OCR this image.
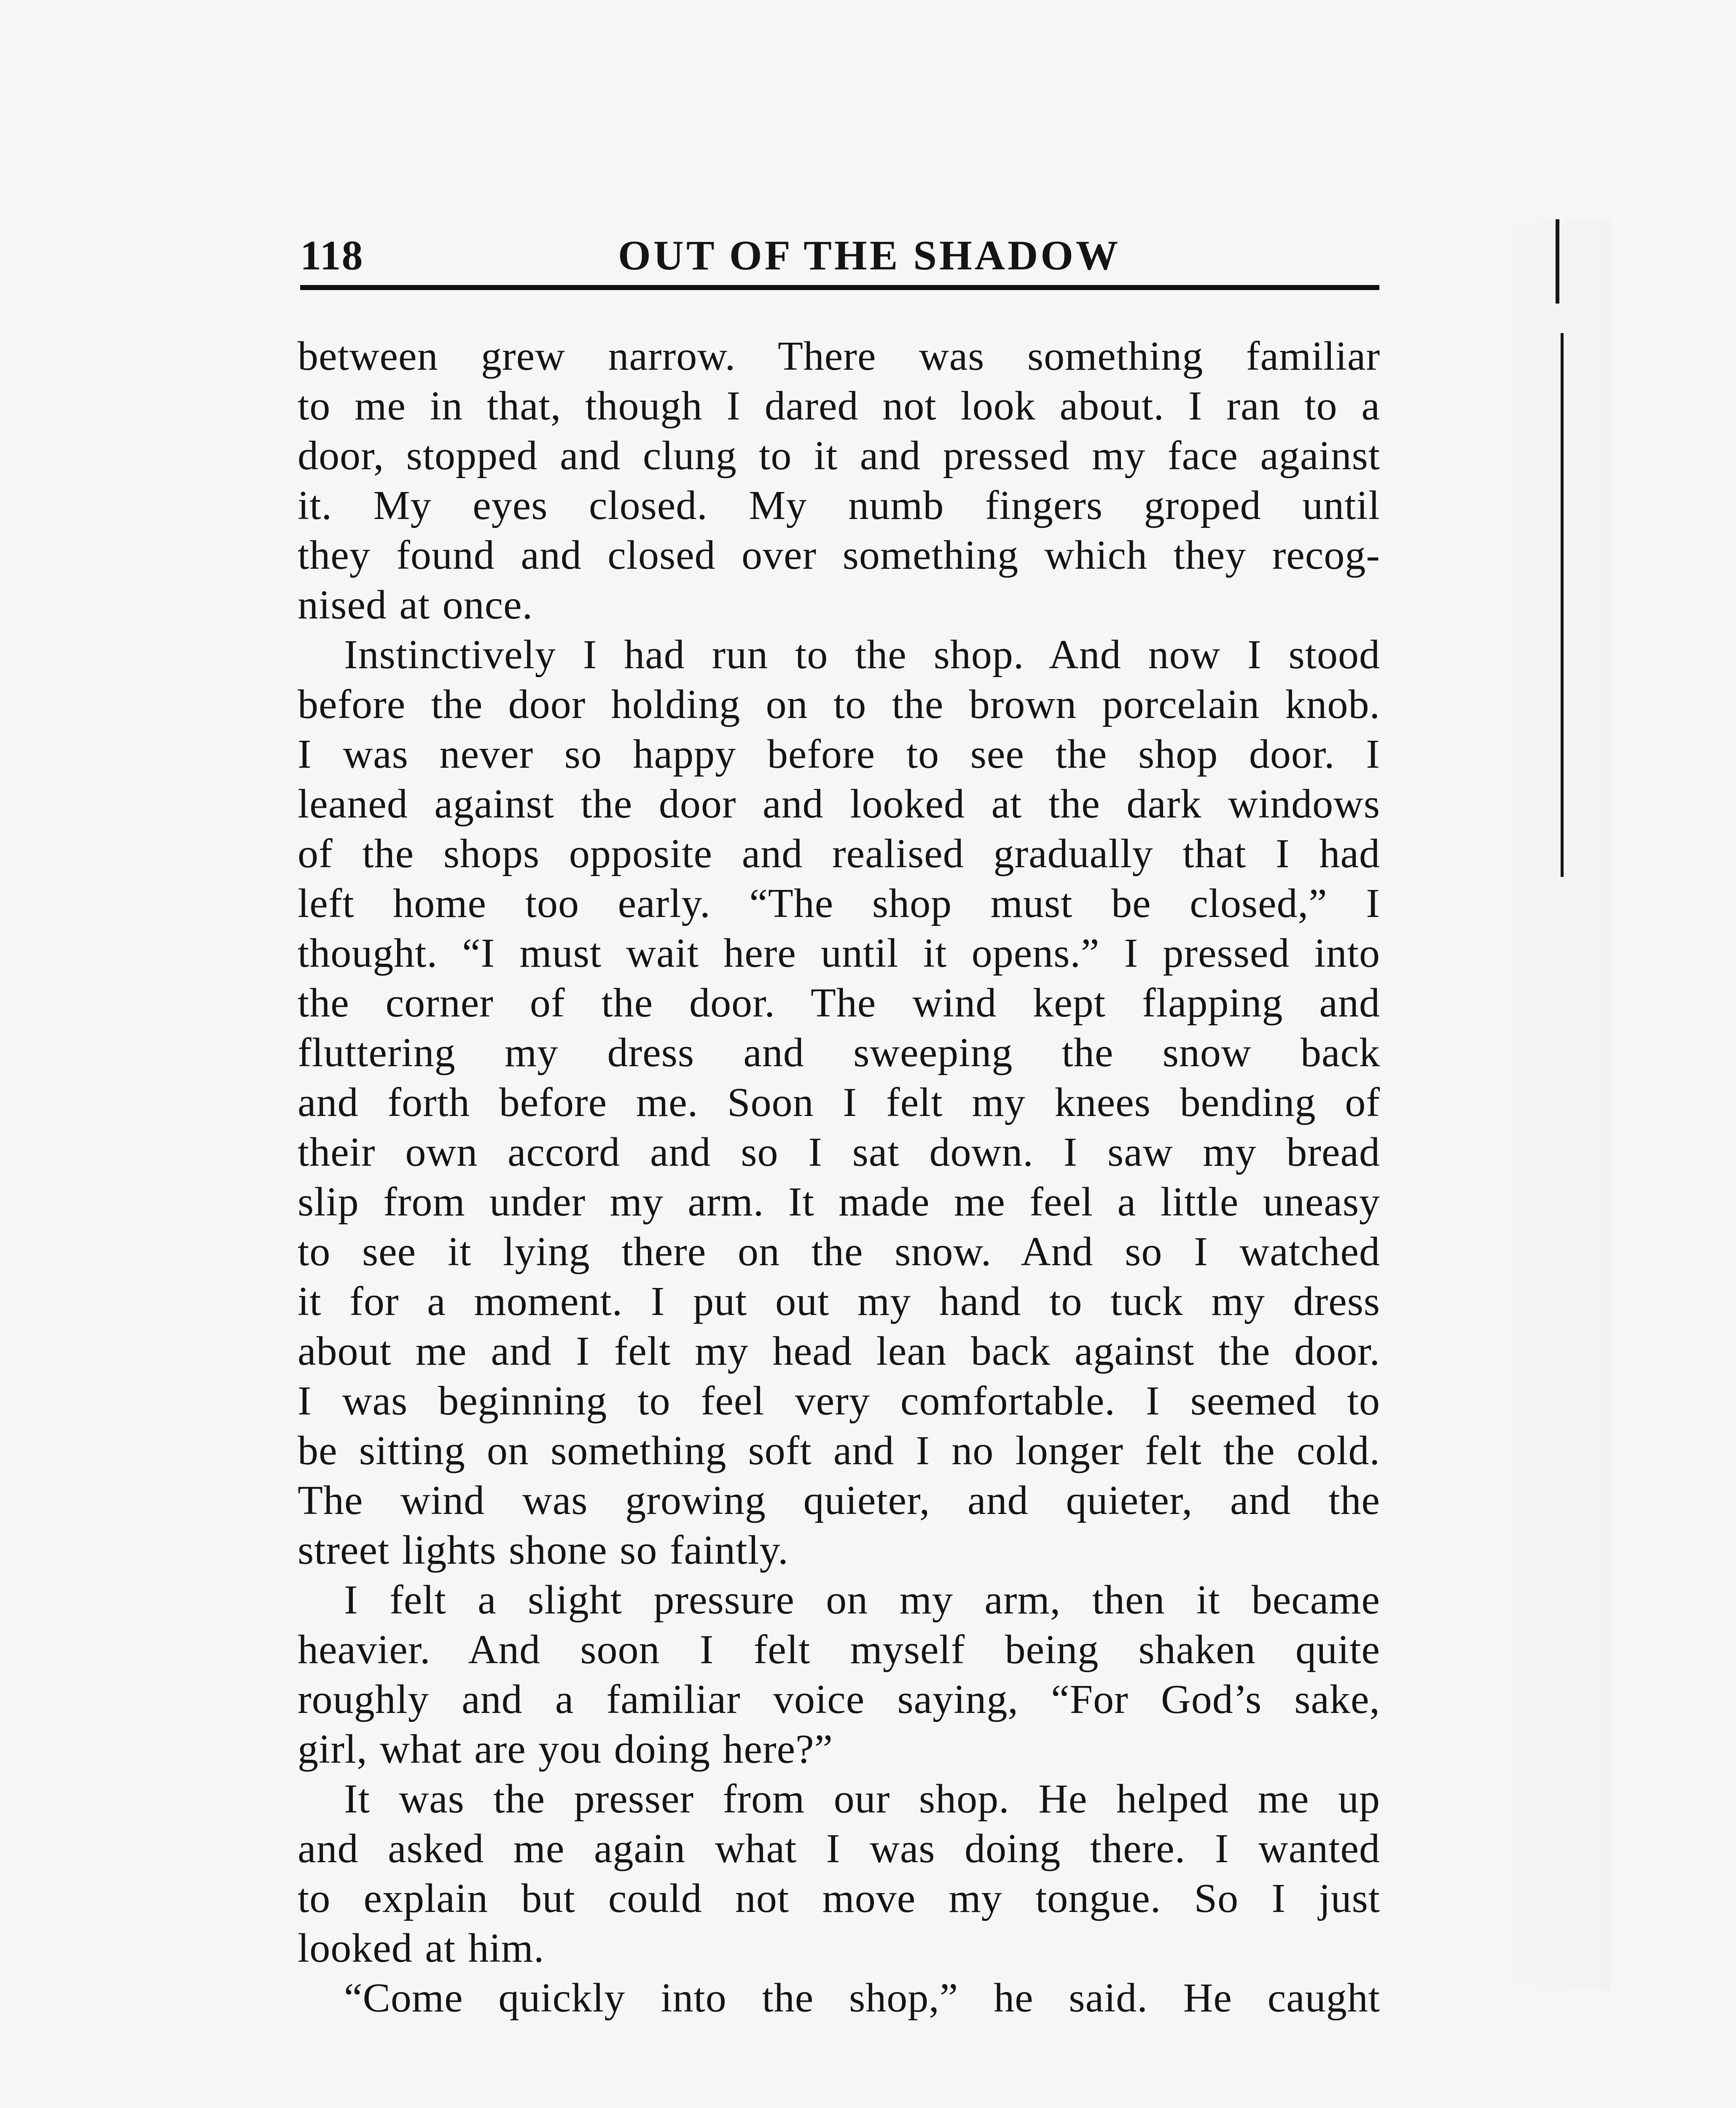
118	OUT OF THE SHADOW
between grew narrow. There was something familiar
to me in that, though I dared not look about. I ran to a
door, stopped and clung to it and pressed my face against
it. My eyes closed. My numb fingers groped until
they found and closed over something which they recog-
nised at once.
Instinctively I had run to the shop. And now I stood
before the door holding on to the brown porcelain knob.
I was never so happy before to see the shop door. I
leaned against the door and looked at the dark windows
of the shops opposite and realised gradually that I had
left home too early. “The shop must be closed,” I
thought. “I must wait here until it opens.” I pressed into
the corner of the door. The wind kept flapping and
fluttering my dress and sweeping the snow back
and forth before me. Soon I felt my knees bending of
their own accord and so I sat down. I saw my bread
slip from under my arm. It made me feel a little uneasy
to see it lying there on the snow. And so I watched
it for a moment. I put out my hand to tuck my dress
about me and I felt my head lean back against the door.
I was beginning to feel very comfortable. I seemed to
be sitting on something soft and I no longer felt the cold.
The wind was growing quieter, and quieter, and the
street lights shone so faintly.
I felt a slight pressure on my arm, then it became
heavier. And soon I felt myself being shaken quite
roughly and a familiar voice saying, “For God’s sake,
girl, what are you doing here?”
It was the presser from our shop. He helped me up
and asked me again what I was doing there. I wanted
to explain but could not move my tongue. So I just
looked at him.
“Come quickly into the shop,” he said. He caught
